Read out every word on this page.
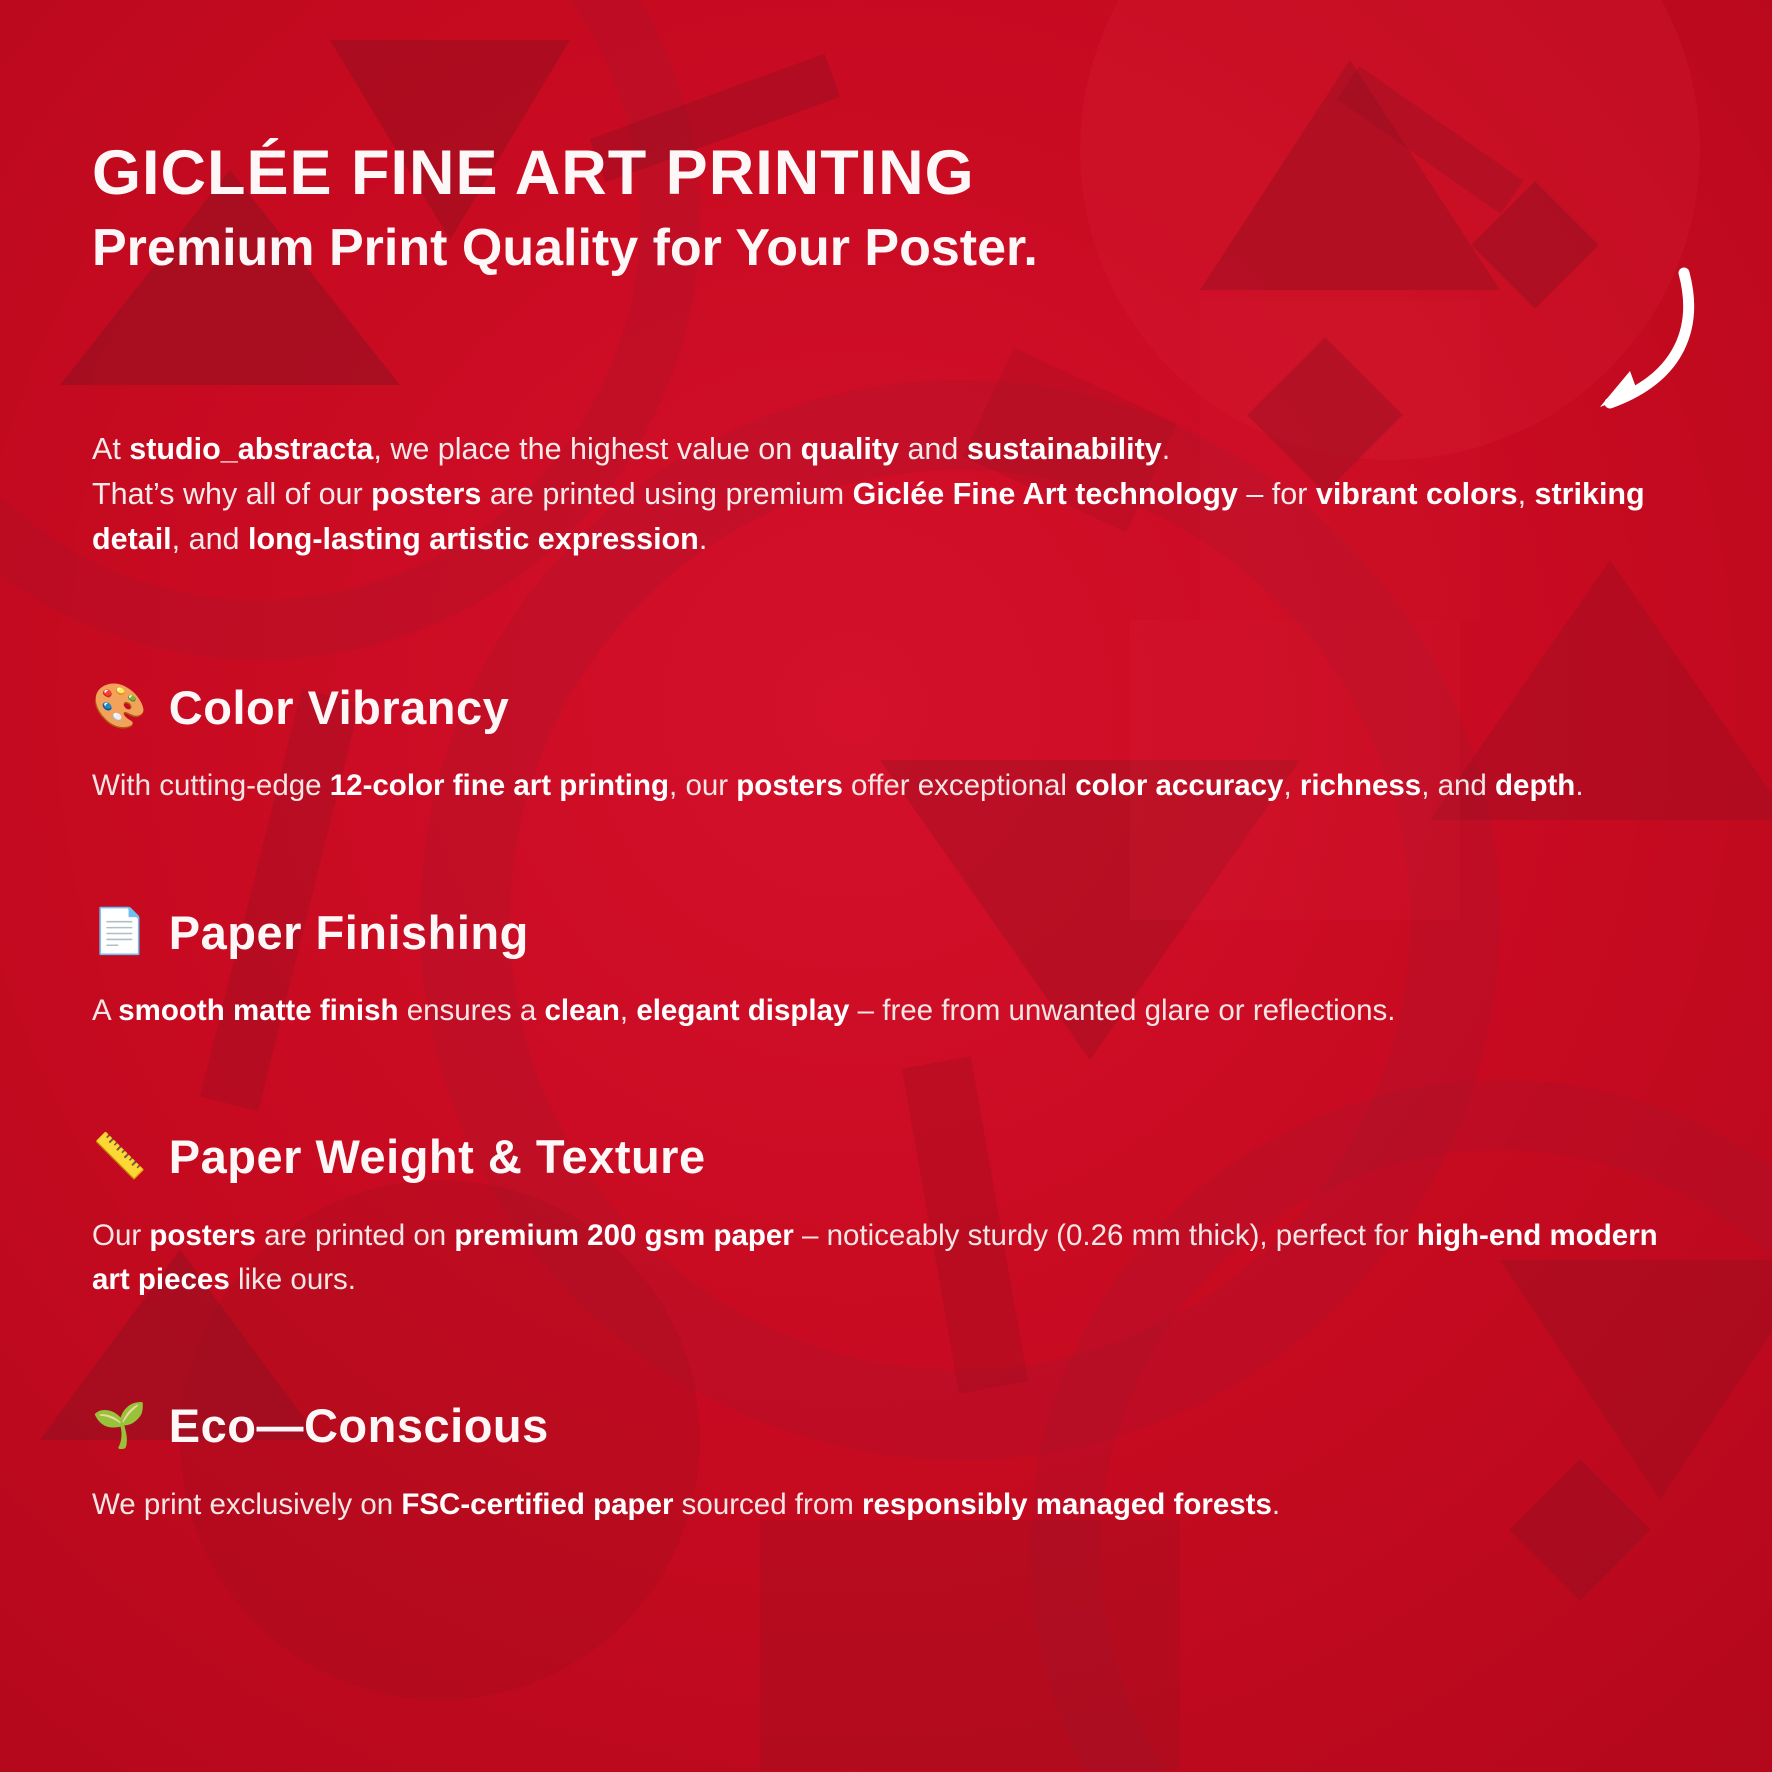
GICLÉE FINE ART PRINTING
Premium Print Quality for Your Poster.

At studio_abstracta, we place the highest value on quality and sustainability.
That’s why all of our posters are printed using premium Giclée Fine Art technology – for vibrant colors, striking detail, and long-lasting artistic expression.

🎨 Color Vibrancy

With cutting-edge 12-color fine art printing, our posters offer exceptional color accuracy, richness, and depth.

📄 Paper Finishing

A smooth matte finish ensures a clean, elegant display – free from unwanted glare or reflections.

📏 Paper Weight & Texture

Our posters are printed on premium 200 gsm paper – noticeably sturdy (0.26 mm thick), perfect for high-end modern art pieces like ours.

🌱 Eco—Conscious

We print exclusively on FSC-certified paper sourced from responsibly managed forests.
